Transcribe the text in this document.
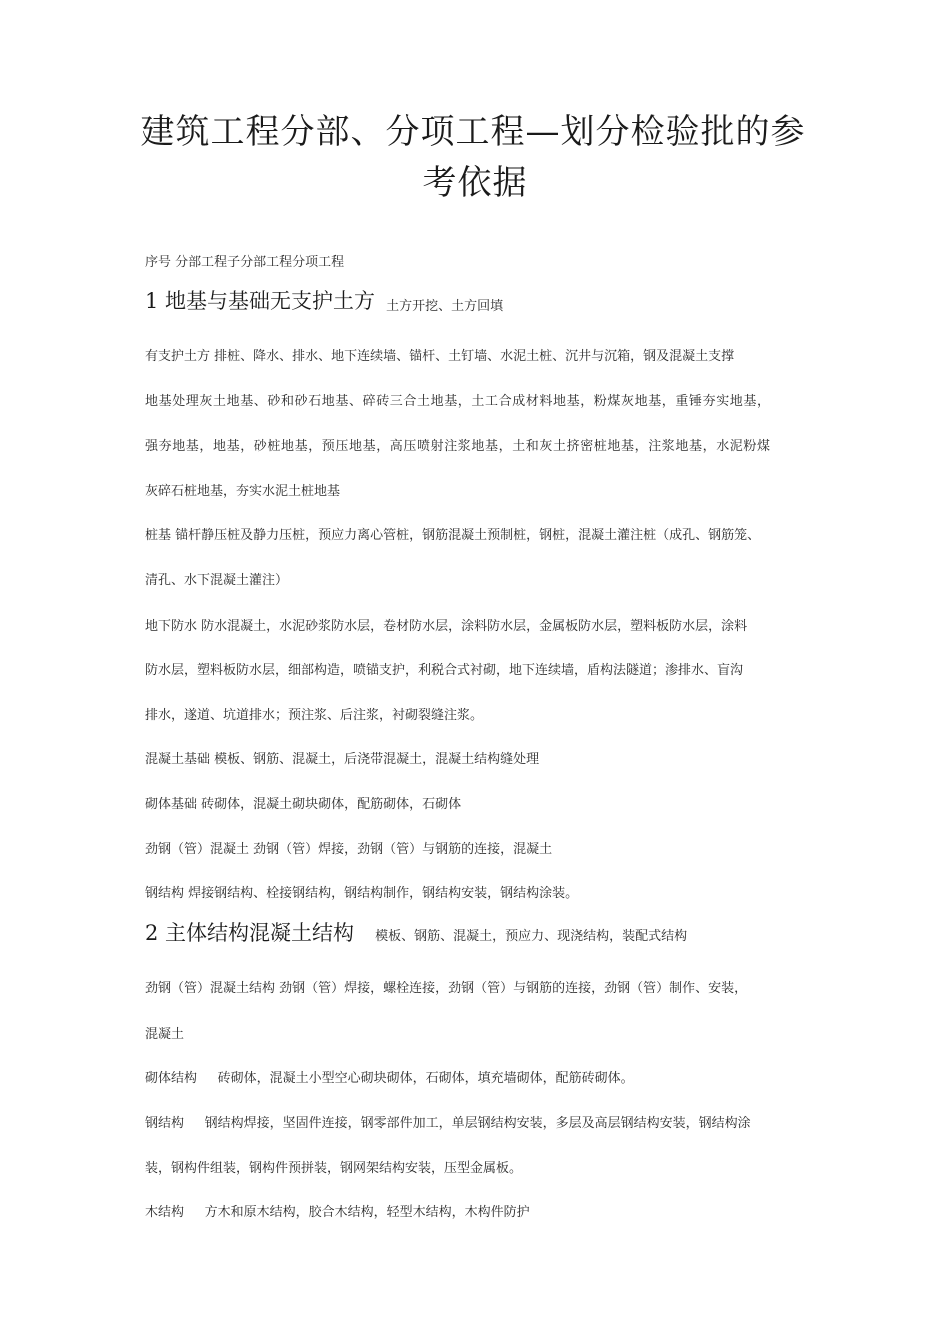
建筑工程分部、分项工程—划分检验批的参
考依据
序号 分部工程子分部工程分项工程
1 地基与基础无支护土方 土方开挖、土方回填
有支护土方 排桩、降水、排水、地下连续墙、锚杆、土钉墙、水泥土桩、沉井与沉箱，钢及混凝土支撑
地基处理灰土地基、砂和砂石地基、碎砖三合土地基，土工合成材料地基，粉煤灰地基，重锤夯实地基，
强夯地基，地基，砂桩地基，预压地基，高压喷射注浆地基，土和灰土挤密桩地基，注浆地基，水泥粉煤
灰碎石桩地基，夯实水泥土桩地基
桩基 锚杆静压桩及静力压桩，预应力离心管桩，钢筋混凝土预制桩，钢桩，混凝土灌注桩（成孔、钢筋笼、
清孔、水下混凝土灌注）
地下防水 防水混凝土，水泥砂浆防水层，卷材防水层，涂料防水层，金属板防水层，塑料板防水层，涂料
防水层，塑料板防水层，细部构造，喷锚支护，利税合式衬砌，地下连续墙，盾构法隧道；渗排水、盲沟
排水，遂道、坑道排水；预注浆、后注浆，衬砌裂缝注浆。
混凝土基础 模板、钢筋、混凝土，后浇带混凝土，混凝土结构缝处理
砌体基础 砖砌体，混凝土砌块砌体，配筋砌体，石砌体
劲钢（管）混凝土 劲钢（管）焊接，劲钢（管）与钢筋的连接，混凝土
钢结构 焊接钢结构、栓接钢结构，钢结构制作，钢结构安装，钢结构涂装。
2 主体结构混凝土结构 模板、钢筋、混凝土，预应力、现浇结构，装配式结构
劲钢（管）混凝土结构 劲钢（管）焊接，螺栓连接，劲钢（管）与钢筋的连接，劲钢（管）制作、安装，
混凝土
砌体结构     砖砌体，混凝土小型空心砌块砌体，石砌体，填充墙砌体，配筋砖砌体。
钢结构     钢结构焊接，坚固件连接，钢零部件加工，单层钢结构安装，多层及高层钢结构安装，钢结构涂
装，钢构件组装，钢构件预拼装，钢网架结构安装，压型金属板。
木结构     方木和原木结构，胶合木结构，轻型木结构，木构件防护
